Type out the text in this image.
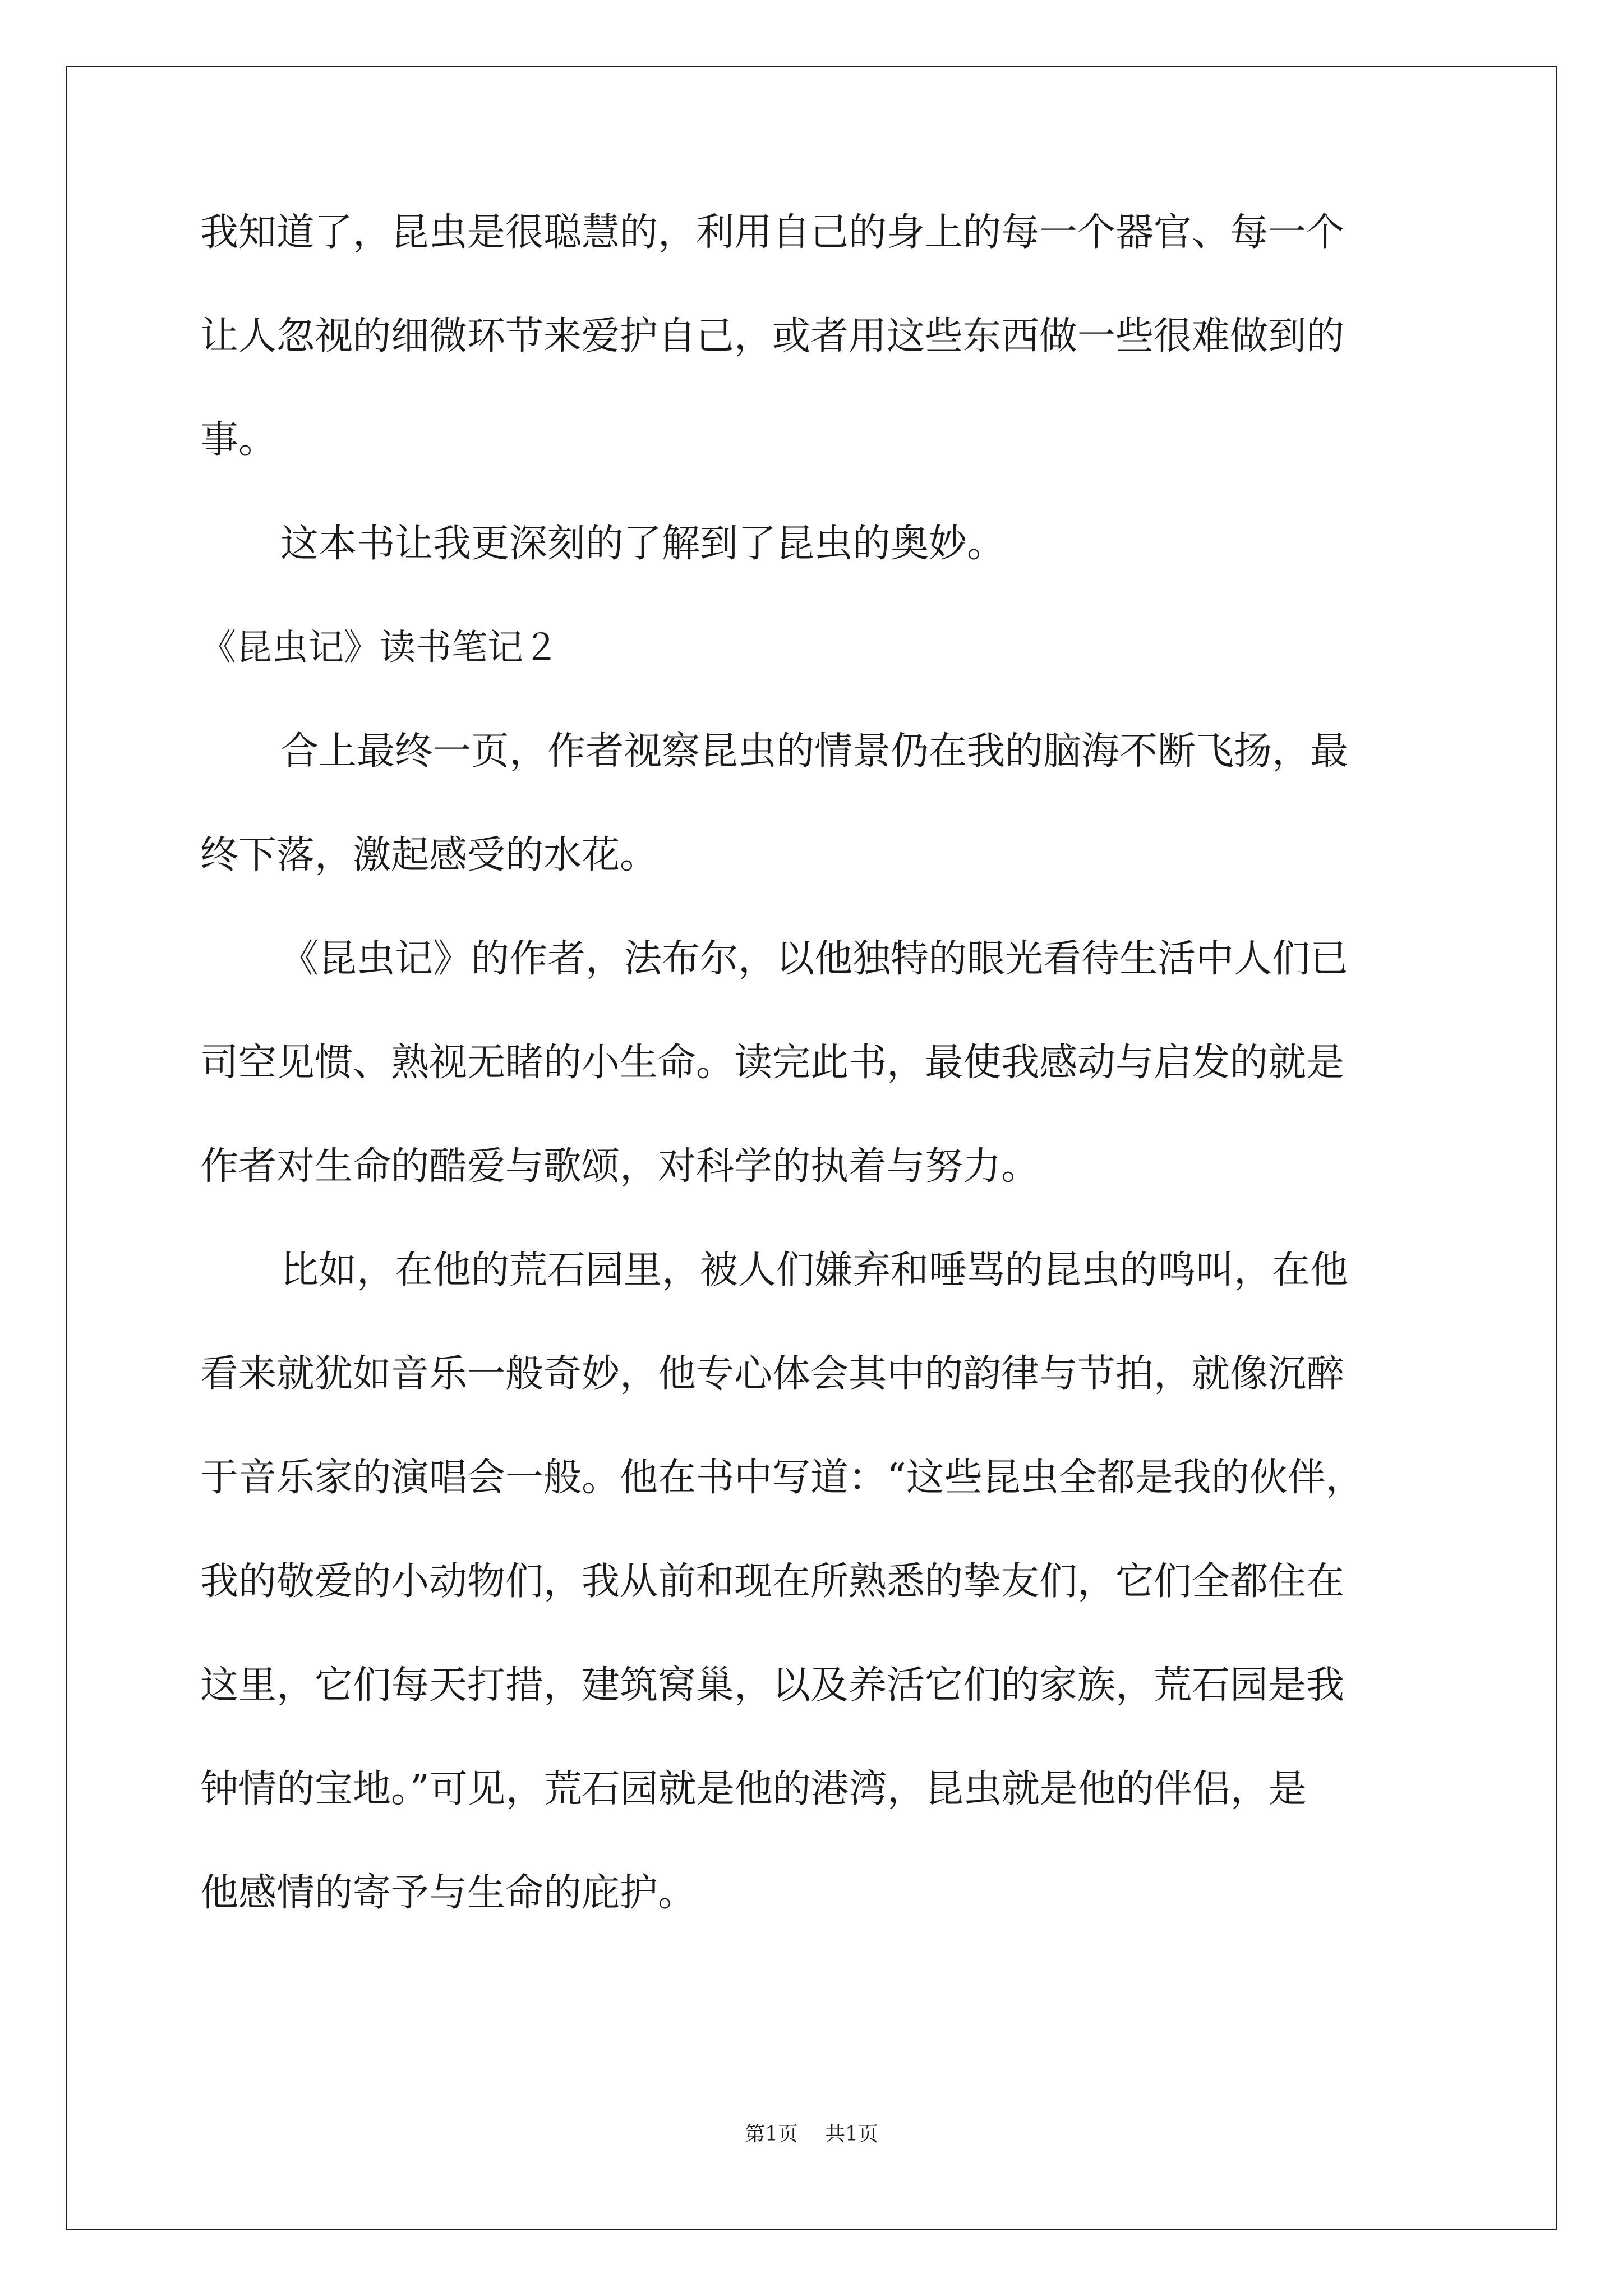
我知道了，昆虫是很聪慧的，利用自己的身上的每一个器官、每一个
让人忽视的细微环节来爱护自己，或者用这些东西做一些很难做到的
事。
这本书让我更深刻的了解到了昆虫的奥妙。
《昆虫记》读书笔记２
合上最终一页，作者视察昆虫的情景仍在我的脑海不断飞扬，最
终下落，激起感受的水花。
《昆虫记》的作者，法布尔，以他独特的眼光看待生活中人们已
司空见惯、熟视无睹的小生命。读完此书，最使我感动与启发的就是
作者对生命的酷爱与歌颂，对科学的执着与努力。
比如，在他的荒石园里，被人们嫌弃和唾骂的昆虫的鸣叫，在他
看来就犹如音乐一般奇妙，他专心体会其中的韵律与节拍，就像沉醉
于音乐家的演唱会一般。他在书中写道：“这些昆虫全都是我的伙伴，
我的敬爱的小动物们，我从前和现在所熟悉的挚友们，它们全都住在
这里，它们每天打措，建筑窝巢，以及养活它们的家族，荒石园是我
钟情的宝地。”可见，荒石园就是他的港湾，昆虫就是他的伴侣，是
他感情的寄予与生命的庇护。
第1页 共1页
